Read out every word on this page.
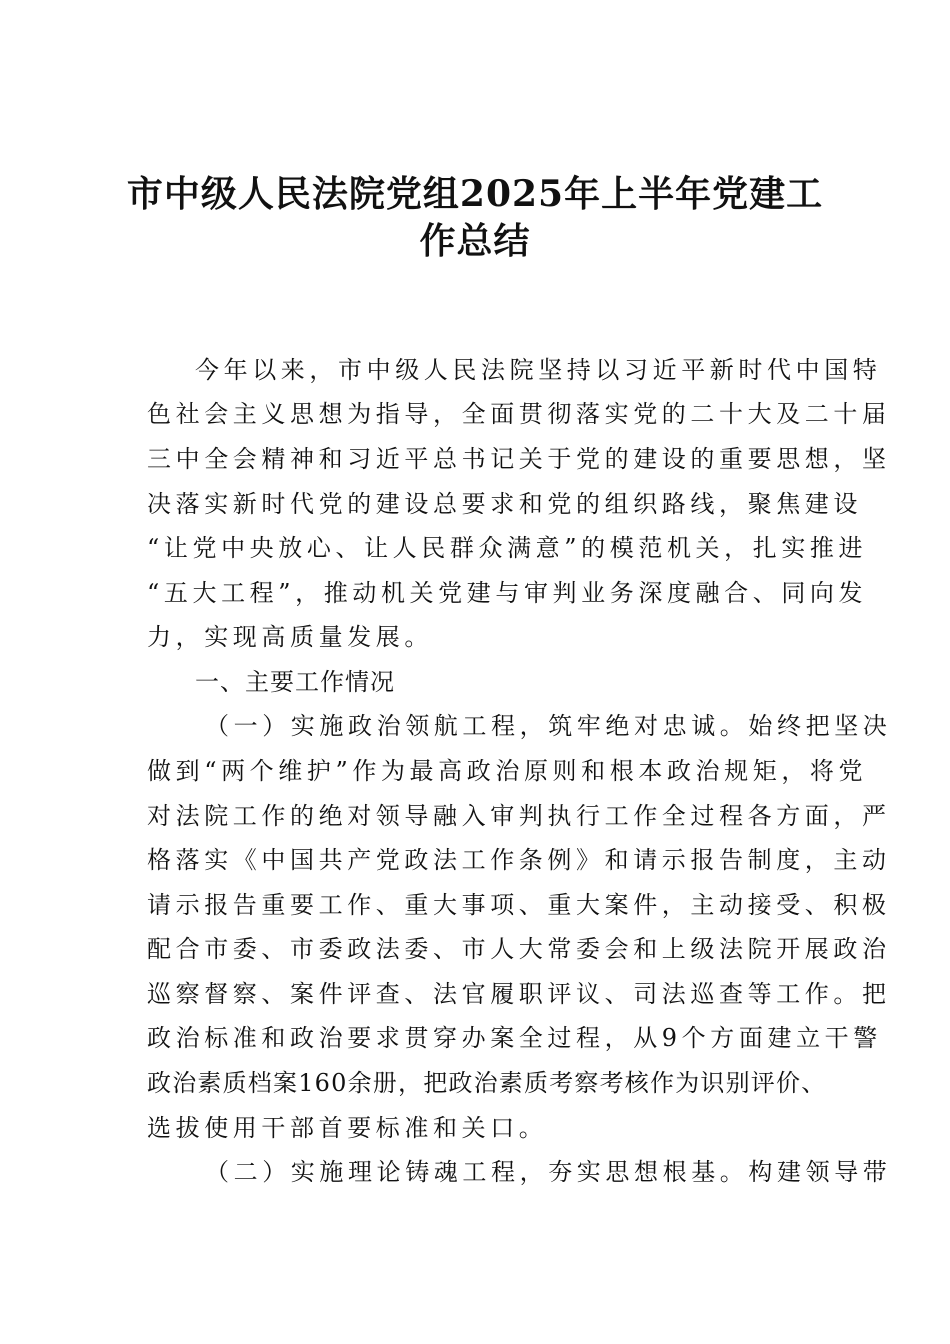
市中级人民法院党组2025年上半年党建工
作总结
今年以来，市中级人民法院坚持以习近平新时代中国特
色社会主义思想为指导，全面贯彻落实党的二十大及二十届
三中全会精神和习近平总书记关于党的建设的重要思想，坚
决落实新时代党的建设总要求和党的组织路线，聚焦建设
“让党中央放心、让人民群众满意”的模范机关，扎实推进
“五大工程”，推动机关党建与审判业务深度融合、同向发
力，实现高质量发展。
一、主要工作情况
（一）实施政治领航工程，筑牢绝对忠诚。始终把坚决
做到“两个维护”作为最高政治原则和根本政治规矩，将党
对法院工作的绝对领导融入审判执行工作全过程各方面，严
格落实《中国共产党政法工作条例》和请示报告制度，主动
请示报告重要工作、重大事项、重大案件，主动接受、积极
配合市委、市委政法委、市人大常委会和上级法院开展政治
巡察督察、案件评查、法官履职评议、司法巡查等工作。把
政治标准和政治要求贯穿办案全过程，从9个方面建立干警
政治素质档案160余册，把政治素质考察考核作为识别评价、
选拔使用干部首要标准和关口。
（二）实施理论铸魂工程，夯实思想根基。构建领导带
